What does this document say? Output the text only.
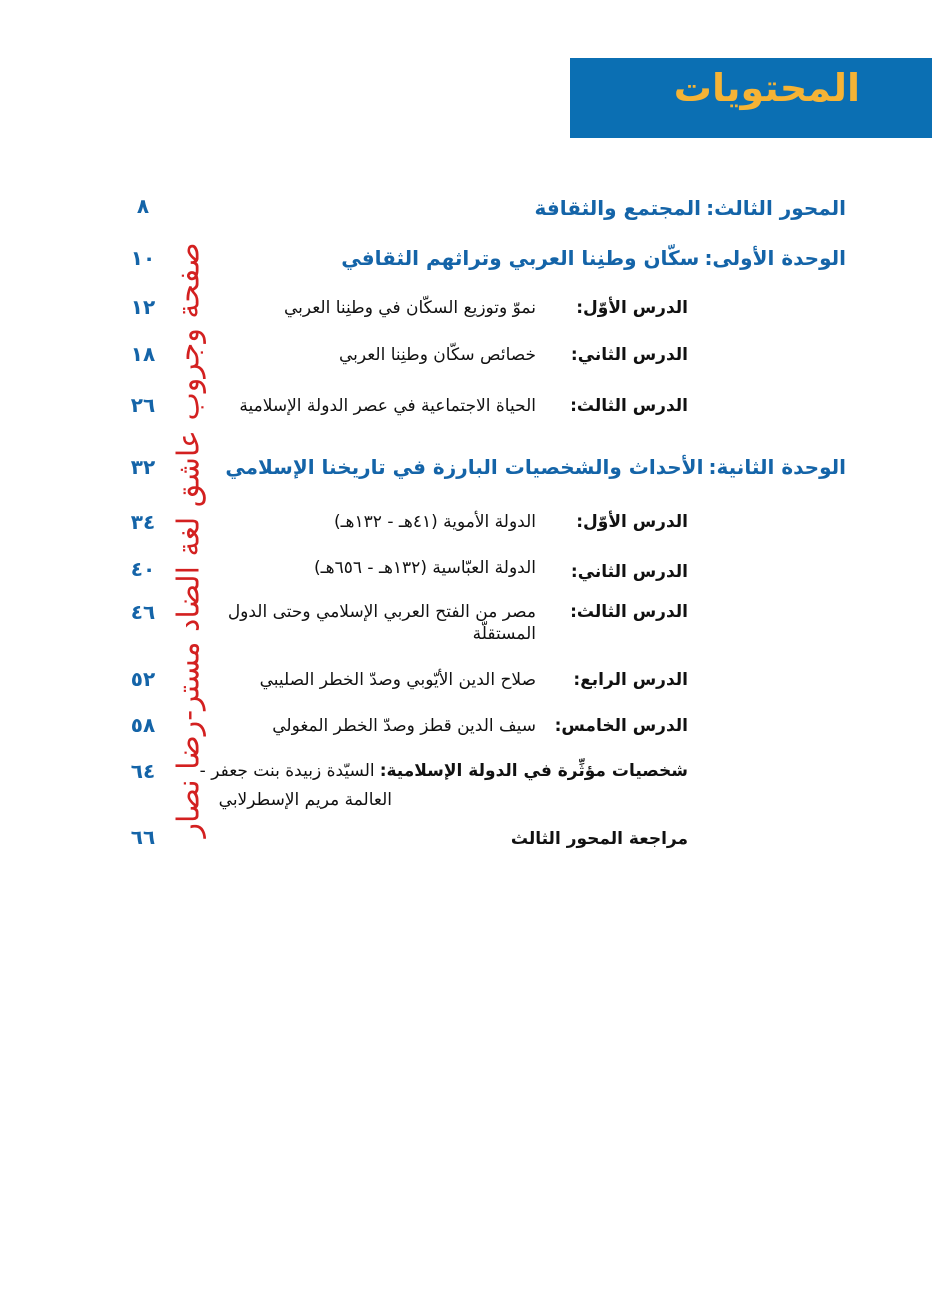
المحتويات
المحور الثالث: المجتمع والثقافة
٨
الوحدة الأولى: سكّان وطنِنا العربي وتراثهم الثقافي
١٠
الدرس الأوّل:
نموّ وتوزيع السكّان في وطنِنا العربي
١٢
الدرس الثاني:
خصائص سكّان وطنِنا العربي
١٨
الدرس الثالث:
الحياة الاجتماعية في عصر الدولة الإسلامية
٢٦
الوحدة الثانية: الأحداث والشخصيات البارزة في تاريخنا الإسلامي
٣٢
الدرس الأوّل:
الدولة الأموية (٤١هـ - ١٣٢هـ)
٣٤
الدرس الثاني:
الدولة العبّاسية (١٣٢هـ - ٦٥٦هـ)
٤٠
الدرس الثالث:
مصر من الفتح العربي الإسلامي وحتى الدول
المستقلّة
٤٦
الدرس الرابع:
صلاح الدين الأيّوبي وصدّ الخطر الصليبي
٥٢
الدرس الخامس:
سيف الدين قطز وصدّ الخطر المغولي
٥٨
شخصيات مؤثِّرة في الدولة الإسلامية: السيّدة زبيدة بنت جعفر -
العالمة مريم الإسطرلابي
٦٤
مراجعة المحور الثالث
٦٦ صفحة وجروب عاشق لغة الضاد مستر-رضا نصار
